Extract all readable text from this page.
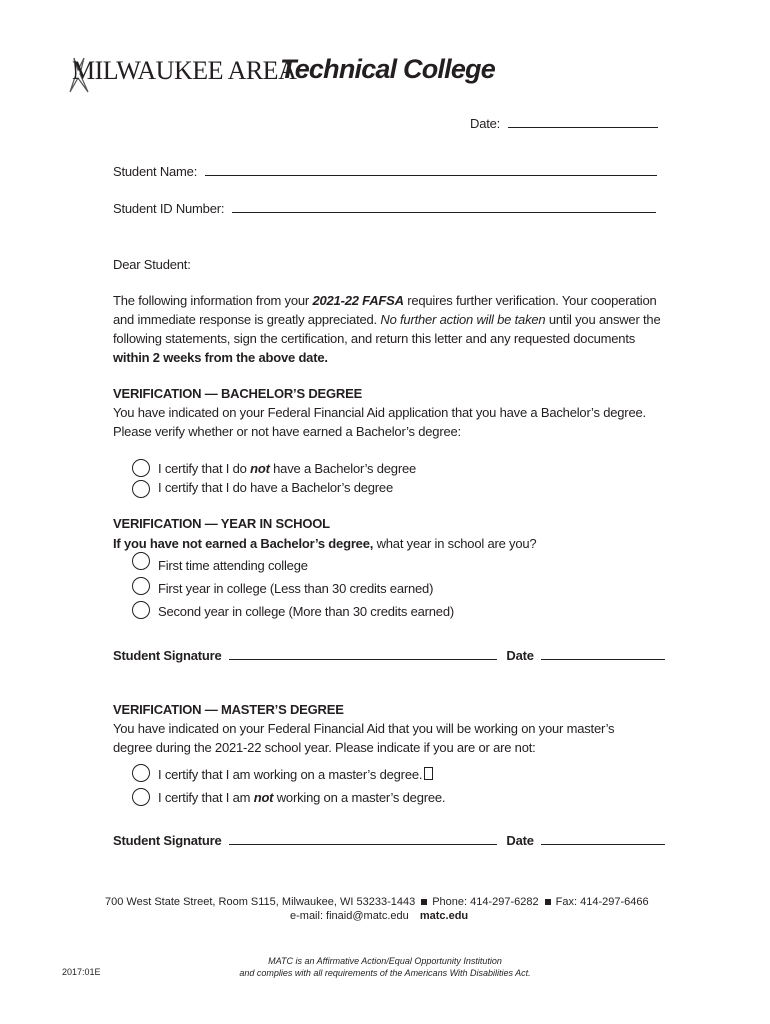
MILWAUKEE AREA
Technical College
Date:
Student Name:
Student ID Number:
Dear Student:
The following information from your 2021-22 FAFSA requires further verification. Your cooperation
and immediate response is greatly appreciated. No further action will be taken until you answer the
following statements, sign the certification, and return this letter and any requested documents
within 2 weeks from the above date.
VERIFICATION — BACHELOR’S DEGREE
You have indicated on your Federal Financial Aid application that you have a Bachelor’s degree.
Please verify whether or not have earned a Bachelor’s degree:
I certify that I do not have a Bachelor’s degree
I certify that I do have a Bachelor’s degree
VERIFICATION — YEAR IN SCHOOL
If you have not earned a Bachelor’s degree, what year in school are you?
First time attending college
First year in college (Less than 30 credits earned)
Second year in college (More than 30 credits earned)
Student Signature	Date
VERIFICATION — MASTER’S DEGREE
You have indicated on your Federal Financial Aid that you will be working on your master’s
degree during the 2021-22 school year. Please indicate if you are or are not:
I certify that I am working on a master’s degree.
I certify that I am not working on a master’s degree.
Student Signature	Date
700 West State Street, Room S115, Milwaukee, WI 53233-1443 Phone: 414-297-6282 Fax: 414-297-6466
e-mail: finaid@matc.edu matc.edu
2017:01E
MATC is an Affirmative Action/Equal Opportunity Institution
and complies with all requirements of the Americans With Disabilities Act.
